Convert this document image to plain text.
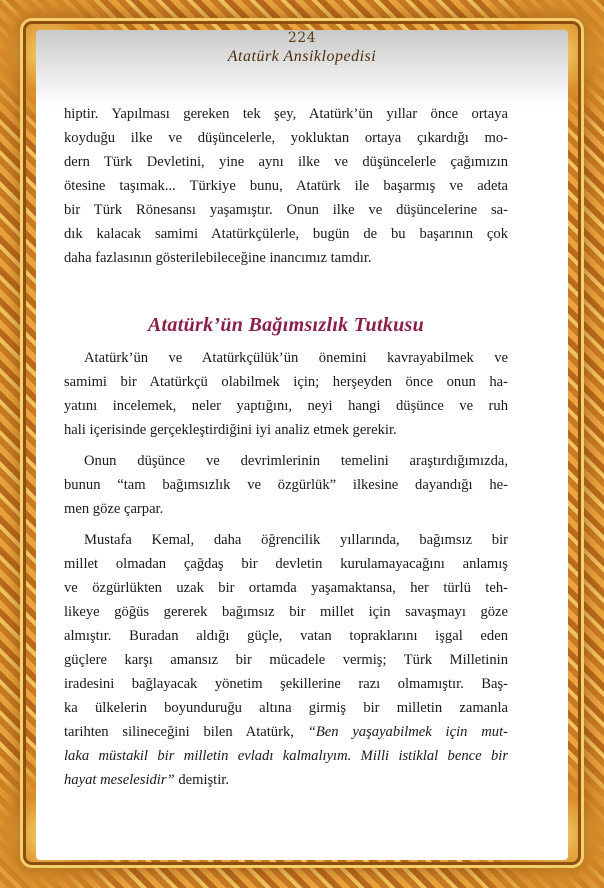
224
Atatürk Ansiklopedisi
hiptir. Yapılması gereken tek şey, Atatürk’ün yıllar önce ortaya
koyduğu ilke ve düşüncelerle, yokluktan ortaya çıkardığı mo-
dern Türk Devletini, yine aynı ilke ve düşüncelerle çağımızın
ötesine taşımak... Türkiye bunu, Atatürk ile başarmış ve adeta
bir Türk Rönesansı yaşamıştır. Onun ilke ve düşüncelerine sa-
dık kalacak samimi Atatürkçülerle, bugün de bu başarının çok
daha fazlasının gösterilebileceğine inancımız tamdır.
Atatürk’ün Bağımsızlık Tutkusu
Atatürk’ün ve Atatürkçülük’ün önemini kavrayabilmek ve
samimi bir Atatürkçü olabilmek için; herşeyden önce onun ha-
yatını incelemek, neler yaptığını, neyi hangi düşünce ve ruh
hali içerisinde gerçekleştirdiğini iyi analiz etmek gerekir.
Onun düşünce ve devrimlerinin temelini araştırdığımızda,
bunun “tam bağımsızlık ve özgürlük” ilkesine dayandığı he-
men göze çarpar.
Mustafa Kemal, daha öğrencilik yıllarında, bağımsız bir
millet olmadan çağdaş bir devletin kurulamayacağını anlamış
ve özgürlükten uzak bir ortamda yaşamaktansa, her türlü teh-
likeye göğüs gererek bağımsız bir millet için savaşmayı göze
almıştır. Buradan aldığı güçle, vatan topraklarını işgal eden
güçlere karşı amansız bir mücadele vermiş; Türk Milletinin
iradesini bağlayacak yönetim şekillerine razı olmamıştır. Baş-
ka ülkelerin boyunduruğu altına girmiş bir milletin zamanla
tarihten silineceğini bilen Atatürk, “Ben yaşayabilmek için mut-
laka müstakil bir milletin evladı kalmalıyım. Milli istiklal bence bir
hayat meselesidir” demiştir.
